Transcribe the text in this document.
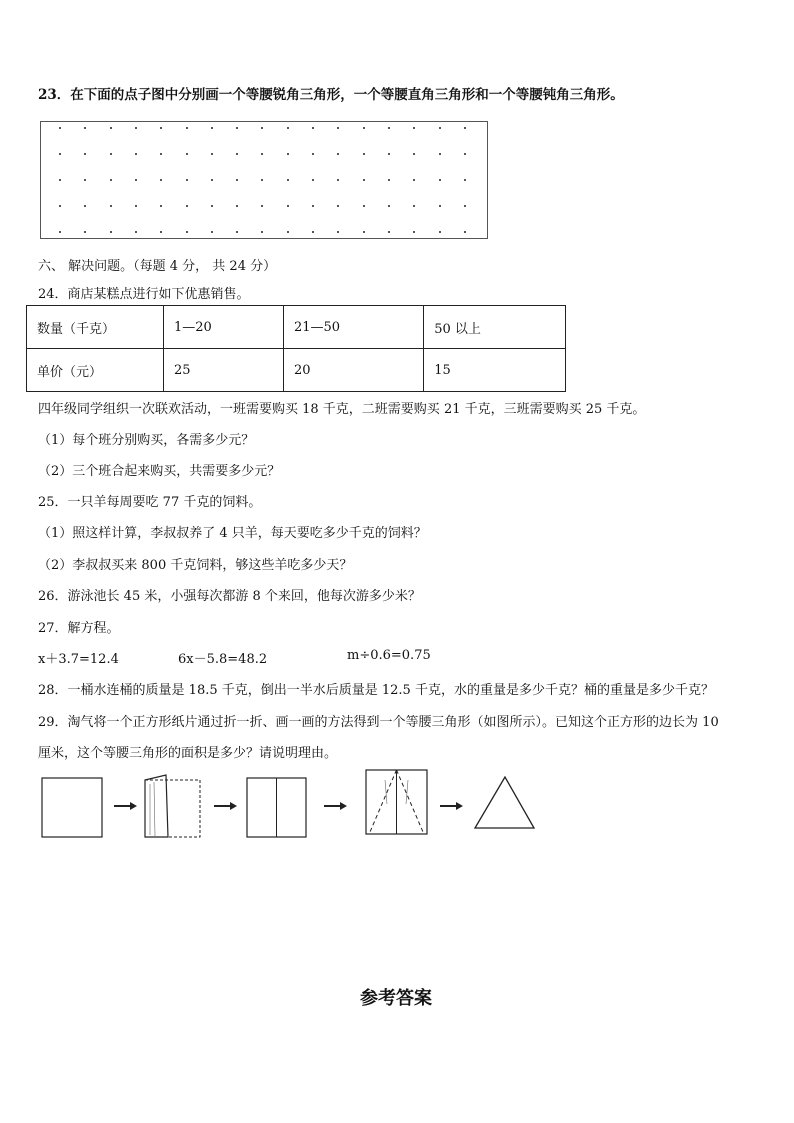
23．在下面的点子图中分别画一个等腰锐角三角形，一个等腰直角三角形和一个等腰钝角三角形。
六、 解决问题。（每题 4 分， 共 24 分）
24．商店某糕点进行如下优惠销售。
数量（千克）	1—20	21—50	50 以上
单价（元）	25	20	15
四年级同学组织一次联欢活动，一班需要购买 18 千克，二班需要购买 21 千克，三班需要购买 25 千克。
（1）每个班分别购买，各需多少元？
（2）三个班合起来购买，共需要多少元？
25．一只羊每周要吃 77 千克的饲料。
（1）照这样计算，李叔叔养了 4 只羊，每天要吃多少千克的饲料？
（2）李叔叔买来 800 千克饲料，够这些羊吃多少天？
26．游泳池长 45 米，小强每次都游 8 个来回，他每次游多少米？
27．解方程。
x＋3.7=12.4	6x－5.8=48.2	m÷0.6=0.75
28．一桶水连桶的质量是 18.5 千克，倒出一半水后质量是 12.5 千克，水的重量是多少千克？桶的重量是多少千克？
29．淘气将一个正方形纸片通过折一折、画一画的方法得到一个等腰三角形（如图所示）。已知这个正方形的边长为 10
厘米，这个等腰三角形的面积是多少？请说明理由。
参考答案
